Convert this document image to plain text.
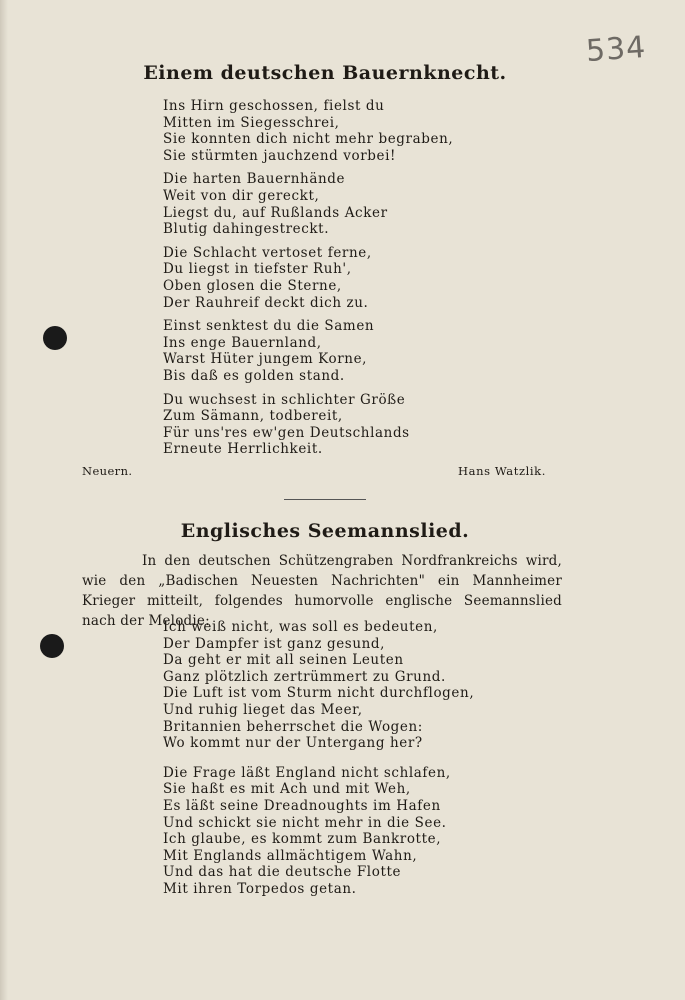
534
Einem deutschen Bauernknecht.
Ins Hirn geschossen, fielst du
Mitten im Siegesschrei,
Sie konnten dich nicht mehr begraben,
Sie stürmten jauchzend vorbei!
Die harten Bauernhände
Weit von dir gereckt,
Liegst du, auf Rußlands Acker
Blutig dahingestreckt.
Die Schlacht vertoset ferne,
Du liegst in tiefster Ruh',
Oben glosen die Sterne,
Der Rauhreif deckt dich zu.
Einst senktest du die Samen
Ins enge Bauernland,
Warst Hüter jungem Korne,
Bis daß es golden stand.
Du wuchsest in schlichter Größe
Zum Sämann, todbereit,
Für uns'res ew'gen Deutschlands
Erneute Herrlichkeit.
Neuern.	Hans Watzlik.
Englisches Seemannslied.
In den deutschen Schützengraben Nordfrankreichs wird, wie den „Badischen Neuesten Nachrichten" ein Mannheimer Krieger mitteilt, folgendes humorvolle englische Seemannslied nach der Melodie:
Ich weiß nicht, was soll es bedeuten,
Der Dampfer ist ganz gesund,
Da geht er mit all seinen Leuten
Ganz plötzlich zertrümmert zu Grund.
Die Luft ist vom Sturm nicht durchflogen,
Und ruhig lieget das Meer,
Britannien beherrschet die Wogen:
Wo kommt nur der Untergang her?
Die Frage läßt England nicht schlafen,
Sie haßt es mit Ach und mit Weh,
Es läßt seine Dreadnoughts im Hafen
Und schickt sie nicht mehr in die See.
Ich glaube, es kommt zum Bankrotte,
Mit Englands allmächtigem Wahn,
Und das hat die deutsche Flotte
Mit ihren Torpedos getan.
